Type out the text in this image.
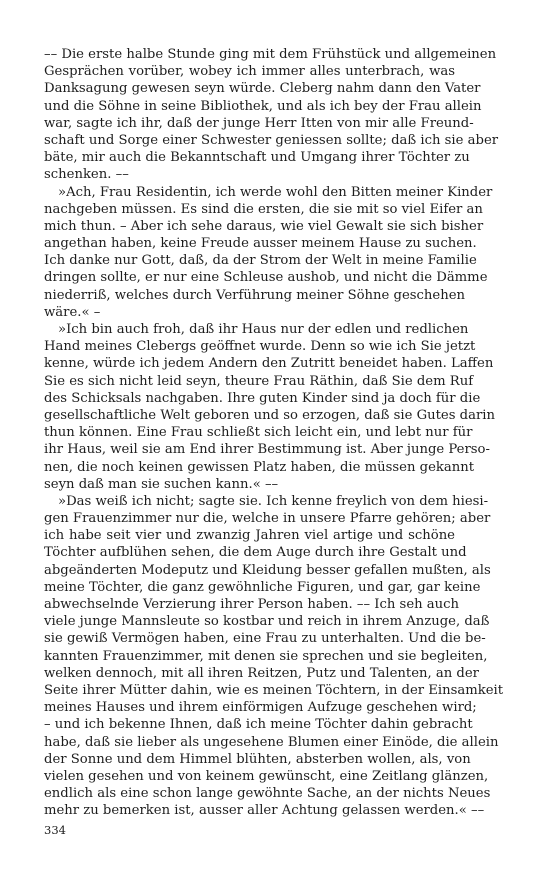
–– Die erste halbe Stunde ging mit dem Frühstück und allgemeinen
Gesprächen vorüber, wobey ich immer alles unterbrach, was
Danksagung gewesen seyn würde. Cleberg nahm dann den Vater
und die Söhne in seine Bibliothek, und als ich bey der Frau allein
war, sagte ich ihr, daß der junge Herr Itten von mir alle Freund-
schaft und Sorge einer Schwester geniessen sollte; daß ich sie aber
bäte, mir auch die Bekanntschaft und Umgang ihrer Töchter zu
schenken. ––
»Ach, Frau Residentin, ich werde wohl den Bitten meiner Kinder
nachgeben müssen. Es sind die ersten, die sie mit so viel Eifer an
mich thun. – Aber ich sehe daraus, wie viel Gewalt sie sich bisher
angethan haben, keine Freude ausser meinem Hause zu suchen.
Ich danke nur Gott, daß, da der Strom der Welt in meine Familie
dringen sollte, er nur eine Schleuse aushob, und nicht die Dämme
niederriß, welches durch Verführung meiner Söhne geschehen
wäre.« –
»Ich bin auch froh, daß ihr Haus nur der edlen und redlichen
Hand meines Clebergs geöffnet wurde. Denn so wie ich Sie jetzt
kenne, würde ich jedem Andern den Zutritt beneidet haben. Laffen
Sie es sich nicht leid seyn, theure Frau Räthin, daß Sie dem Ruf
des Schicksals nachgaben. Ihre guten Kinder sind ja doch für die
gesellschaftliche Welt geboren und so erzogen, daß sie Gutes darin
thun können. Eine Frau schließt sich leicht ein, und lebt nur für
ihr Haus, weil sie am End ihrer Bestimmung ist. Aber junge Perso-
nen, die noch keinen gewissen Platz haben, die müssen gekannt
seyn daß man sie suchen kann.« ––
»Das weiß ich nicht; sagte sie. Ich kenne freylich von dem hiesi-
gen Frauenzimmer nur die, welche in unsere Pfarre gehören; aber
ich habe seit vier und zwanzig Jahren viel artige und schöne
Töchter aufblühen sehen, die dem Auge durch ihre Gestalt und
abgeänderten Modeputz und Kleidung besser gefallen mußten, als
meine Töchter, die ganz gewöhnliche Figuren, und gar, gar keine
abwechselnde Verzierung ihrer Person haben. –– Ich seh auch
viele junge Mannsleute so kostbar und reich in ihrem Anzuge, daß
sie gewiß Vermögen haben, eine Frau zu unterhalten. Und die be-
kannten Frauenzimmer, mit denen sie sprechen und sie begleiten,
welken dennoch, mit all ihren Reitzen, Putz und Talenten, an der
Seite ihrer Mütter dahin, wie es meinen Töchtern, in der Einsamkeit
meines Hauses und ihrem einförmigen Aufzuge geschehen wird;
– und ich bekenne Ihnen, daß ich meine Töchter dahin gebracht
habe, daß sie lieber als ungesehene Blumen einer Einöde, die allein
der Sonne und dem Himmel blühten, absterben wollen, als, von
vielen gesehen und von keinem gewünscht, eine Zeitlang glänzen,
endlich als eine schon lange gewöhnte Sache, an der nichts Neues
mehr zu bemerken ist, ausser aller Achtung gelassen werden.« ––
334
